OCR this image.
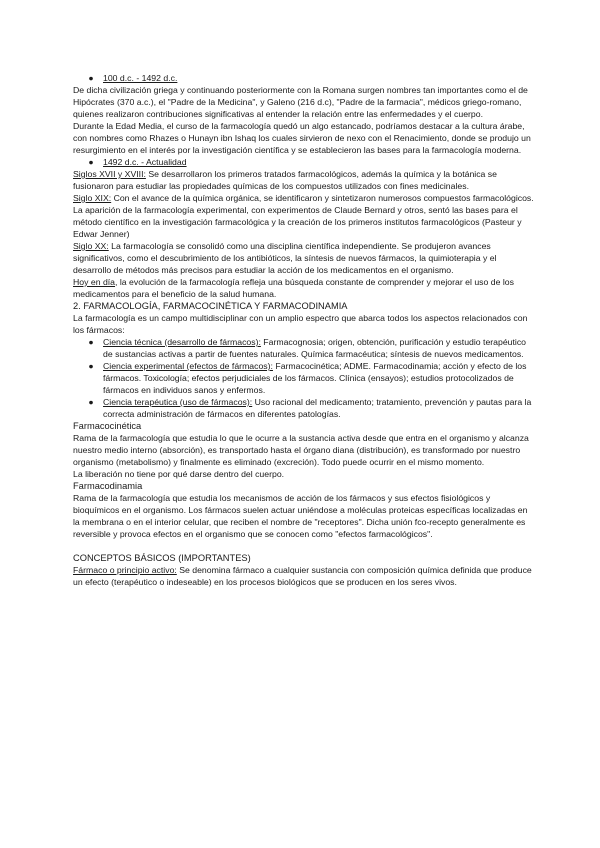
● 100 d.c. - 1492 d.c.

De dicha civilización griega y continuando posteriormente con la Romana surgen nombres tan importantes como el de Hipócrates (370 a.c.), el "Padre de la Medicina", y Galeno (216 d.c), "Padre de la farmacia", médicos griego-romano, quienes realizaron contribuciones significativas al entender la relación entre las enfermedades y el cuerpo.

Durante la Edad Media, el curso de la farmacología quedó un algo estancado, podríamos destacar a la cultura árabe, con nombres como Rhazes o Hunayn ibn Ishaq los cuales sirvieron de nexo con el Renacimiento, donde se produjo un resurgimiento en el interés por la investigación científica y se establecieron las bases para la farmacología moderna.

● 1492 d.c. - Actualidad

Siglos XVII y XVIII: Se desarrollaron los primeros tratados farmacológicos, además la química y la botánica se fusionaron para estudiar las propiedades químicas de los compuestos utilizados con fines medicinales.

Siglo XIX: Con el avance de la química orgánica, se identificaron y sintetizaron numerosos compuestos farmacológicos. La aparición de la farmacología experimental, con experimentos de Claude Bernard y otros, sentó las bases para el método científico en la investigación farmacológica y la creación de los primeros institutos farmacológicos (Pasteur y Edwar Jenner)

Siglo XX: La farmacología se consolidó como una disciplina científica independiente. Se produjeron avances significativos, como el descubrimiento de los antibióticos, la síntesis de nuevos fármacos, la quimioterapia y el desarrollo de métodos más precisos para estudiar la acción de los medicamentos en el organismo.

Hoy en día, la evolución de la farmacología refleja una búsqueda constante de comprender y mejorar el uso de los medicamentos para el beneficio de la salud humana.

2. FARMACOLOGÍA, FARMACOCINÉTICA Y FARMACODINAMIA

La farmacología es un campo multidisciplinar con un amplio espectro que abarca todos los aspectos relacionados con los fármacos:

● Ciencia técnica (desarrollo de fármacos): Farmacognosia; origen, obtención, purificación y estudio terapéutico de sustancias activas a partir de fuentes naturales. Química farmacéutica; síntesis de nuevos medicamentos.
● Ciencia experimental (efectos de fármacos): Farmacocinética; ADME. Farmacodinamia; acción y efecto de los fármacos. Toxicología; efectos perjudiciales de los fármacos. Clínica (ensayos); estudios protocolizados de fármacos en individuos sanos y enfermos.
● Ciencia terapéutica (uso de fármacos): Uso racional del medicamento; tratamiento, prevención y pautas para la correcta administración de fármacos en diferentes patologías.

Farmacocinética

Rama de la farmacología que estudia lo que le ocurre a la sustancia activa desde que entra en el organismo y alcanza nuestro medio interno (absorción), es transportado hasta el órgano diana (distribución), es transformado por nuestro organismo (metabolismo) y finalmente es eliminado (excreción). Todo puede ocurrir en el mismo momento.

La liberación no tiene por qué darse dentro del cuerpo.

Farmacodinamia

Rama de la farmacología que estudia los mecanismos de acción de los fármacos y sus efectos fisiológicos y bioquímicos en el organismo. Los fármacos suelen actuar uniéndose a moléculas proteicas específicas localizadas en la membrana o en el interior celular, que reciben el nombre de "receptores". Dicha unión fco-recepto generalmente es reversible y provoca efectos en el organismo que se conocen como "efectos farmacológicos".

CONCEPTOS BÁSICOS (IMPORTANTES)

Fármaco o principio activo: Se denomina fármaco a cualquier sustancia con composición química definida que produce un efecto (terapéutico o indeseable) en los procesos biológicos que se producen en los seres vivos.
